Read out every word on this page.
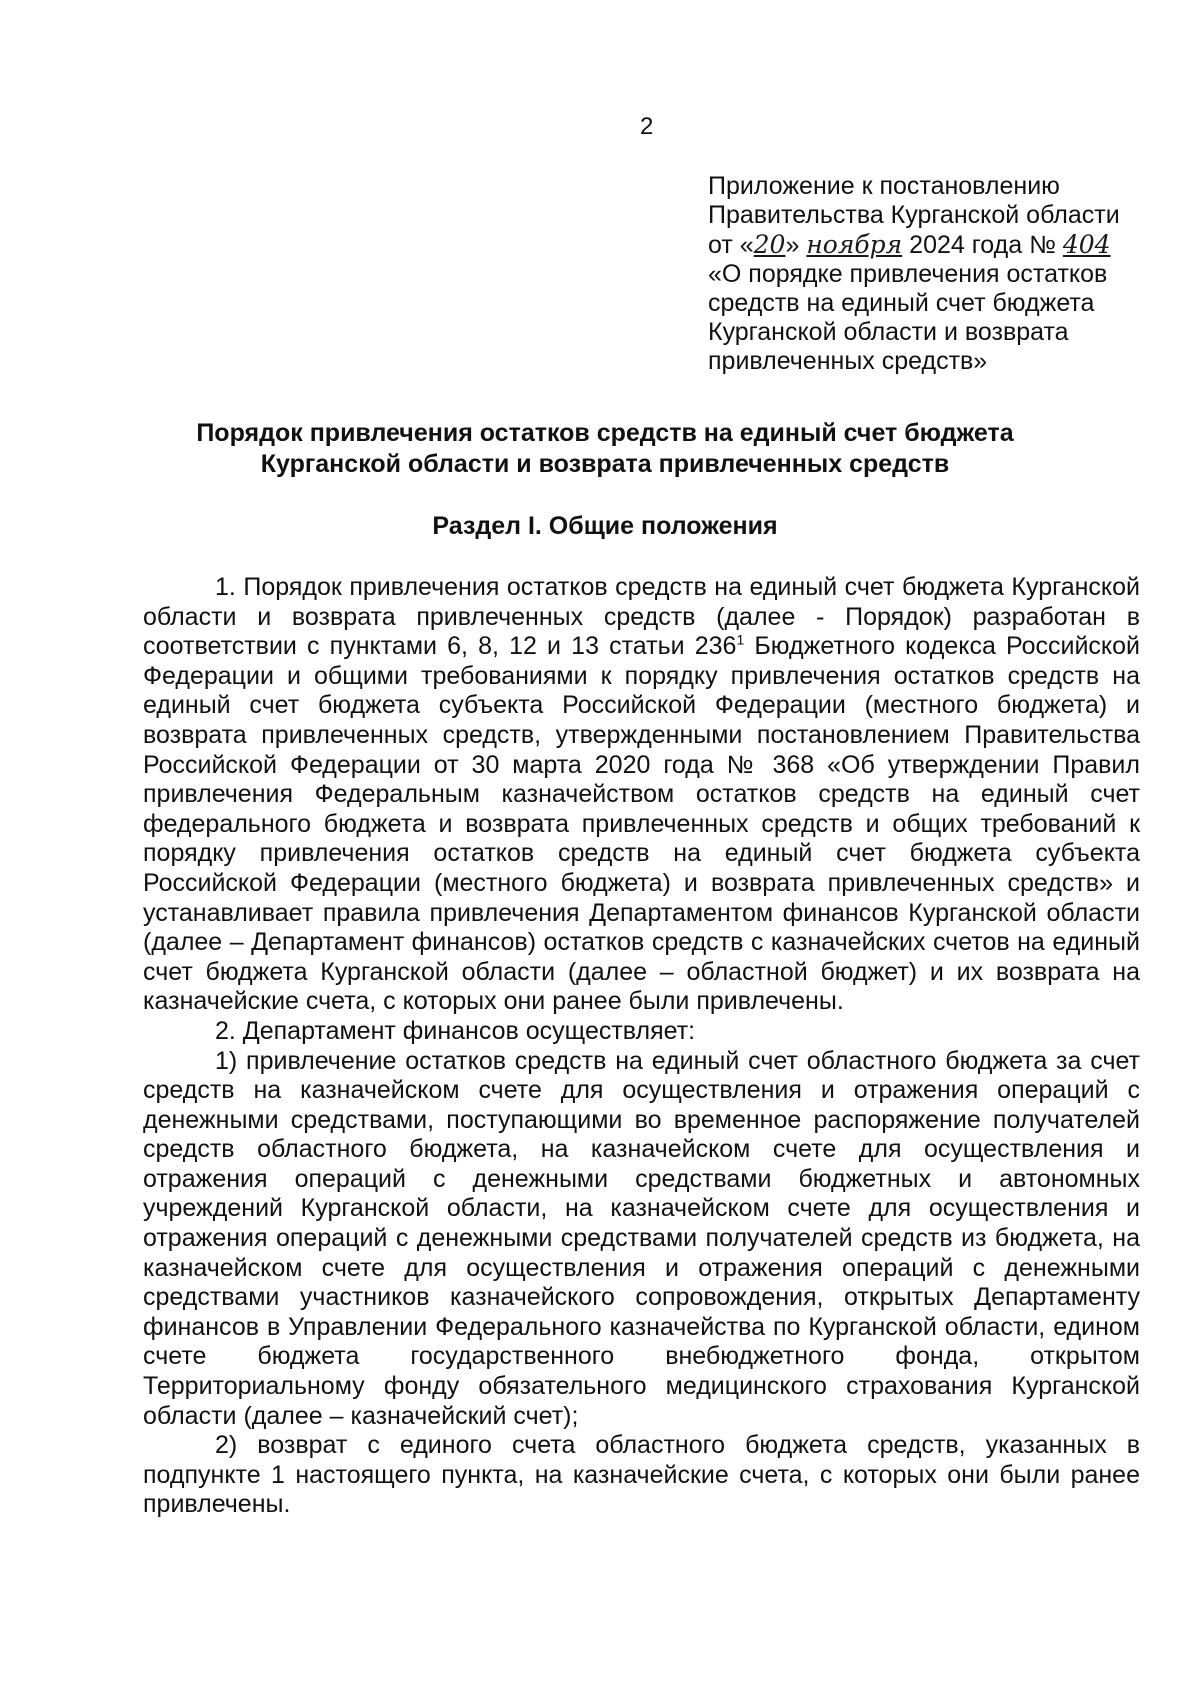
2
Приложение к постановлению
Правительства Курганской области
от «20» ноября 2024 года № 404
«О порядке привлечения остатков
средств на единый счет бюджета
Курганской области и возврата
привлеченных средств»
Порядок привлечения остатков средств на единый счет бюджета
Курганской области и возврата привлеченных средств
Раздел I. Общие положения

1. Порядок привлечения остатков средств на единый счет бюджета Курганской области и возврата привлеченных средств (далее - Порядок) разработан в соответствии с пунктами 6, 8, 12 и 13 статьи $236^1$ Бюджетного кодекса Российской Федерации и общими требованиями к порядку привлечения остатков средств на единый счет бюджета субъекта Российской Федерации (местного бюджета) и возврата привлеченных средств, утвержденными постановлением Правительства Российской Федерации от 30 марта 2020 года № 368 «Об утверждении Правил привлечения Федеральным казначейством остатков средств на единый счет федерального бюджета и возврата привлеченных средств и общих требований к порядку привлечения остатков средств на единый счет бюджета субъекта Российской Федерации (местного бюджета) и возврата привлеченных средств» и устанавливает правила привлечения Департаментом финансов Курганской области (далее – Департамент финансов) остатков средств с казначейских счетов на единый счет бюджета Курганской области (далее – областной бюджет) и их возврата на казначейские счета, с которых они ранее были привлечены.

2. Департамент финансов осуществляет:

1) привлечение остатков средств на единый счет областного бюджета за счет средств на казначейском счете для осуществления и отражения операций с денежными средствами, поступающими во временное распоряжение получателей средств областного бюджета, на казначейском счете для осуществления и отражения операций с денежными средствами бюджетных и автономных учреждений Курганской области, на казначейском счете для осуществления и отражения операций с денежными средствами получателей средств из бюджета, на казначейском счете для осуществления и отражения операций с денежными средствами участников казначейского сопровождения, открытых Департаменту финансов в Управлении Федерального казначейства по Курганской области, едином счете бюджета государственного внебюджетного фонда, открытом Территориальному фонду обязательного медицинского страхования Курганской области (далее – казначейский счет);

2) возврат с единого счета областного бюджета средств, указанных в подпункте 1 настоящего пункта, на казначейские счета, с которых они были ранее привлечены.
